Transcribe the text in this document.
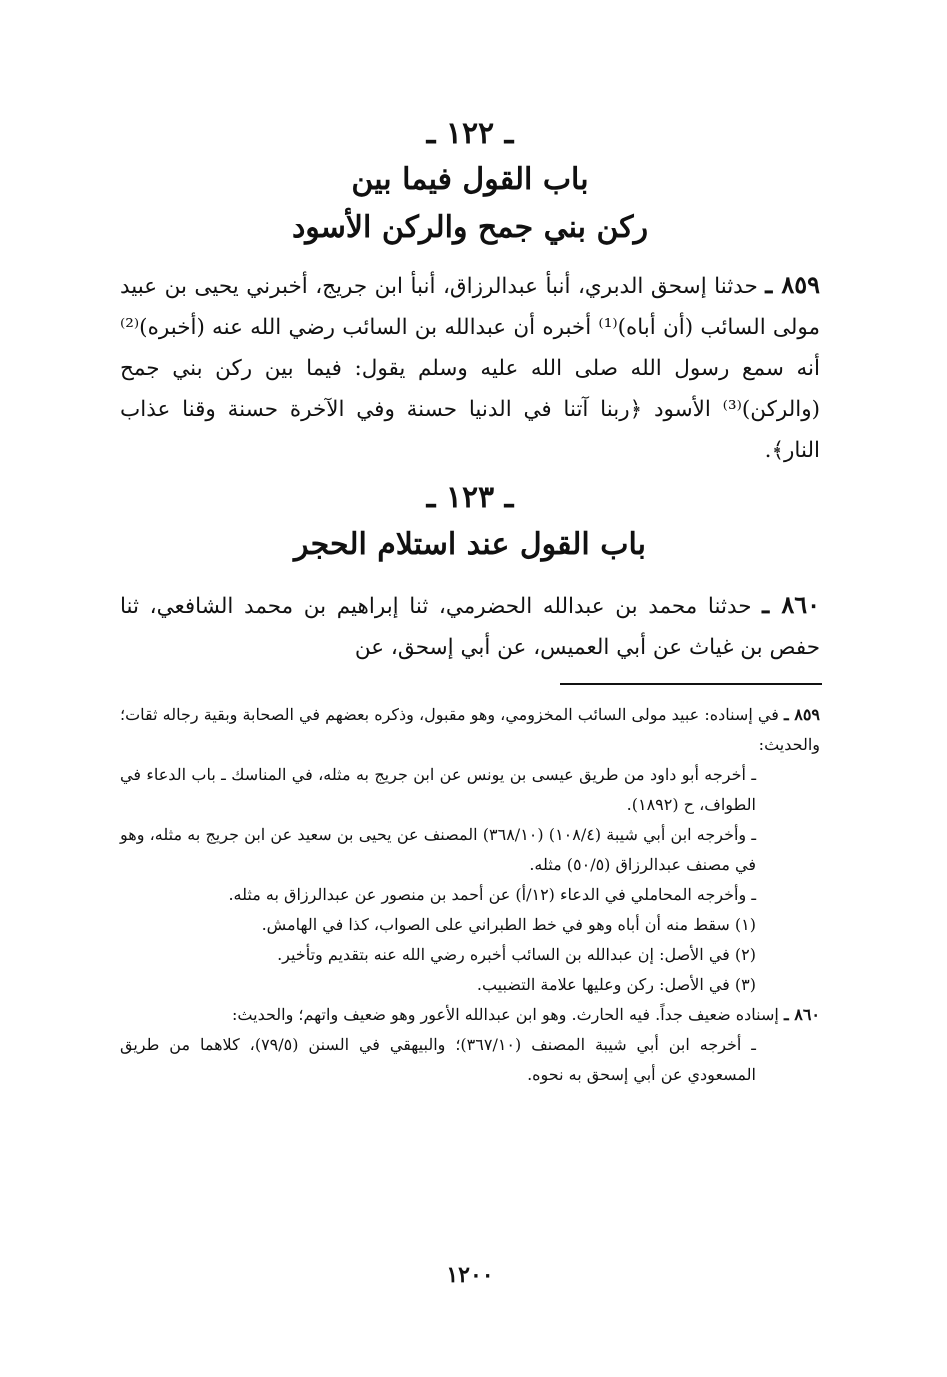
ـ ١٢٢ ـ
باب القول فيما بين
ركن بني جمح والركن الأسود
٨٥٩ ـ حدثنا إسحق الدبري، أنبأ عبدالرزاق، أنبأ ابن جريج، أخبرني يحيى بن عبيد مولى السائب (أن أباه)⁽¹⁾ أخبره أن عبدالله بن السائب رضي الله عنه (أخبره)⁽²⁾ أنه سمع رسول الله صلى الله عليه وسلم يقول: فيما بين ركن بني جمح (والركن)⁽³⁾ الأسود ﴿ربنا آتنا في الدنيا حسنة وفي الآخرة حسنة وقنا عذاب النار﴾.
ـ ١٢٣ ـ
باب القول عند استلام الحجر
٨٦٠ ـ حدثنا محمد بن عبدالله الحضرمي، ثنا إبراهيم بن محمد الشافعي، ثنا حفص بن غياث عن أبي العميس، عن أبي إسحق، عن

٨٥٩ ـ في إسناده: عبيد مولى السائب المخزومي، وهو مقبول، وذكره بعضهم في الصحابة وبقية رجاله ثقات؛ والحديث:

ـ أخرجه أبو داود من طريق عيسى بن يونس عن ابن جريج به مثله، في المناسك ـ باب الدعاء في الطواف، ح (١٨٩٢).

ـ وأخرجه ابن أبي شيبة (١٠٨/٤) (٣٦٨/١٠) المصنف عن يحيى بن سعيد عن ابن جريج به مثله، وهو في مصنف عبدالرزاق (٥٠/٥) مثله.

ـ وأخرجه المحاملي في الدعاء (١٢/أ) عن أحمد بن منصور عن عبدالرزاق به مثله.

(١) سقط منه أن أباه وهو في خط الطبراني على الصواب، كذا في الهامش.

(٢) في الأصل: إن عبدالله بن السائب أخبره رضي الله عنه بتقديم وتأخير.

(٣) في الأصل: ركن وعليها علامة التضبيب.

٨٦٠ ـ إسناده ضعيف جداً. فيه الحارث. وهو ابن عبدالله الأعور وهو ضعيف واتهم؛ والحديث:

ـ أخرجه ابن أبي شيبة المصنف (٣٦٧/١٠)؛ والبيهقي في السنن (٧٩/٥)، كلاهما من طريق المسعودي عن أبي إسحق به نحوه.

١٢٠٠
